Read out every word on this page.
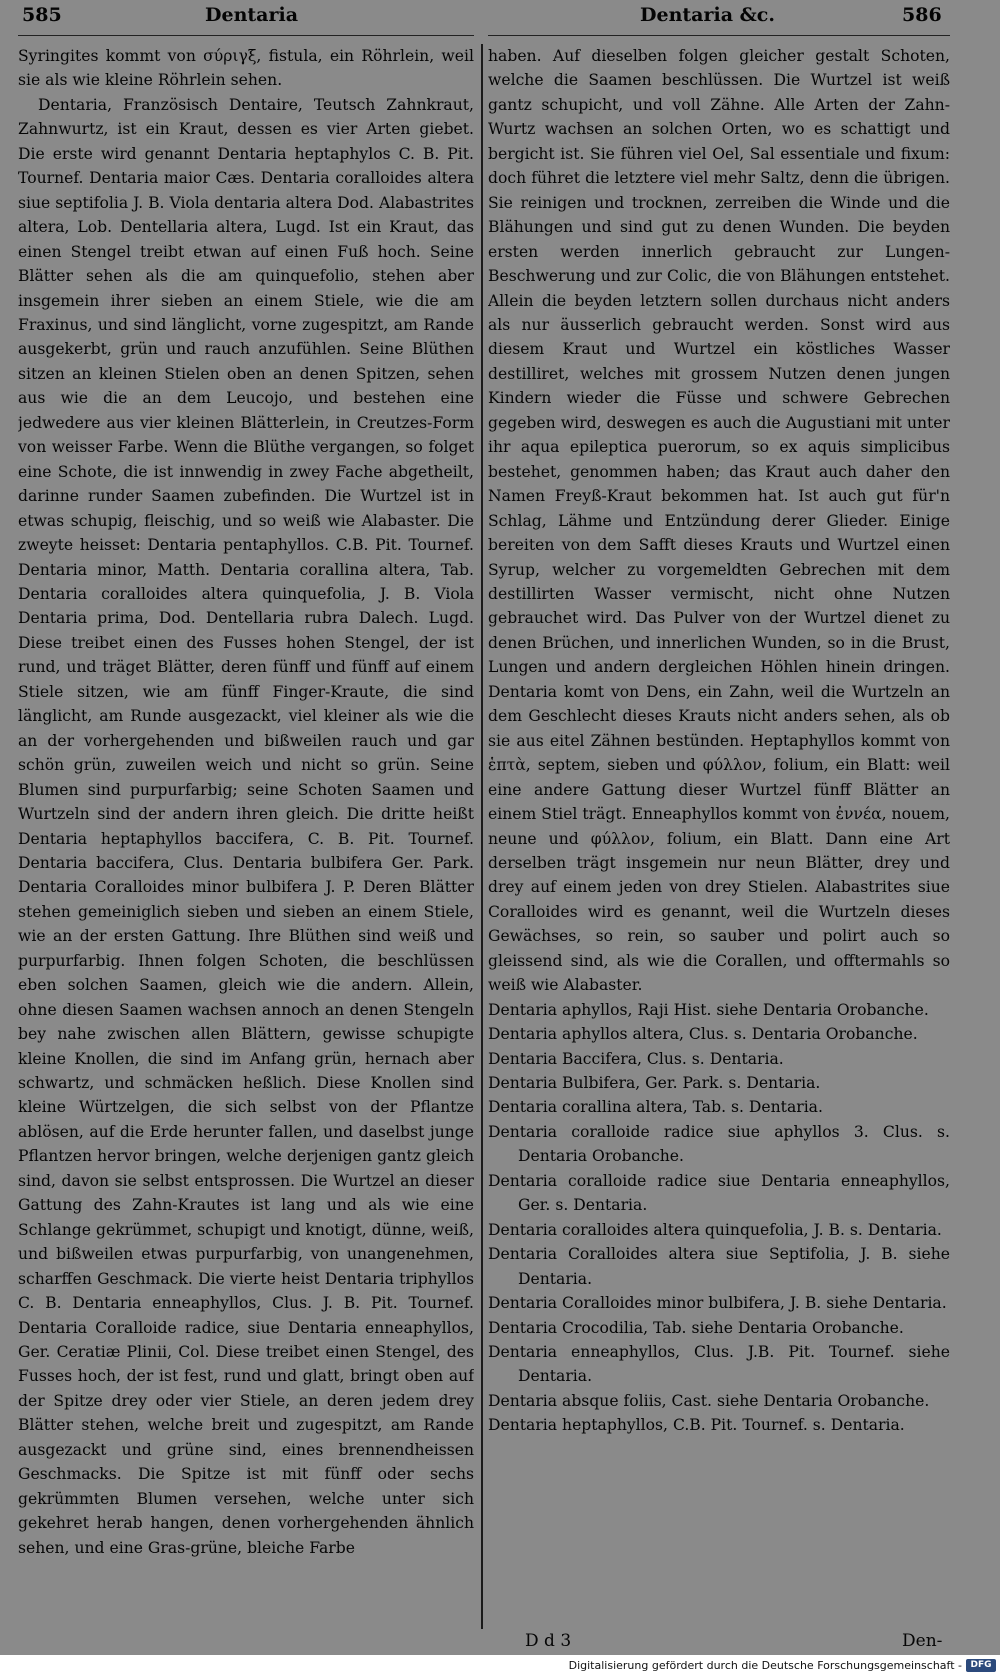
585	Dentaria	Dentaria &c.	586

Syringites kommt von σύριγξ, fistula, ein Röhrlein, weil sie als wie kleine Röhrlein sehen.

Dentaria, Französisch Dentaire, Teutsch Zahnkraut, Zahnwurtz, ist ein Kraut, dessen es vier Arten giebet. Die erste wird genannt Dentaria heptaphylos C. B. Pit. Tournef. Dentaria maior Cæs. Dentaria coralloides altera siue septifolia J. B. Viola dentaria altera Dod. Alabastrites altera, Lob. Dentellaria altera, Lugd. Ist ein Kraut, das einen Stengel treibt etwan auf einen Fuß hoch. Seine Blätter sehen als die am quinquefolio, stehen aber insgemein ihrer sieben an einem Stiele, wie die am Fraxinus, und sind länglicht, vorne zugespitzt, am Rande ausgekerbt, grün und rauch anzufühlen. Seine Blüthen sitzen an kleinen Stielen oben an denen Spitzen, sehen aus wie die an dem Leucojo, und bestehen eine jedwedere aus vier kleinen Blätterlein, in Creutzes-Form von weisser Farbe. Wenn die Blüthe vergangen, so folget eine Schote, die ist innwendig in zwey Fache abgetheilt, darinne runder Saamen zubefinden. Die Wurtzel ist in etwas schupig, fleischig, und so weiß wie Alabaster. Die zweyte heisset: Dentaria pentaphyllos. C.B. Pit. Tournef. Dentaria minor, Matth. Dentaria corallina altera, Tab. Dentaria coralloides altera quinquefolia, J. B. Viola Dentaria prima, Dod. Dentellaria rubra Dalech. Lugd. Diese treibet einen des Fusses hohen Stengel, der ist rund, und träget Blätter, deren fünff und fünff auf einem Stiele sitzen, wie am fünff Finger-Kraute, die sind länglicht, am Runde ausgezackt, viel kleiner als wie die an der vorhergehenden und bißweilen rauch und gar schön grün, zuweilen weich und nicht so grün. Seine Blumen sind purpurfarbig; seine Schoten Saamen und Wurtzeln sind der andern ihren gleich. Die dritte heißt Dentaria heptaphyllos baccifera, C. B. Pit. Tournef. Dentaria baccifera, Clus. Dentaria bulbifera Ger. Park. Dentaria Coralloides minor bulbifera J. P. Deren Blätter stehen gemeiniglich sieben und sieben an einem Stiele, wie an der ersten Gattung. Ihre Blüthen sind weiß und purpurfarbig. Ihnen folgen Schoten, die beschlüssen eben solchen Saamen, gleich wie die andern. Allein, ohne diesen Saamen wachsen annoch an denen Stengeln bey nahe zwischen allen Blättern, gewisse schupigte kleine Knollen, die sind im Anfang grün, hernach aber schwartz, und schmäcken heßlich. Diese Knollen sind kleine Würtzelgen, die sich selbst von der Pflantze ablösen, auf die Erde herunter fallen, und daselbst junge Pflantzen hervor bringen, welche derjenigen gantz gleich sind, davon sie selbst entsprossen. Die Wurtzel an dieser Gattung des Zahn-Krautes ist lang und als wie eine Schlange gekrümmet, schupigt und knotigt, dünne, weiß, und bißweilen etwas purpurfarbig, von unangenehmen, scharffen Geschmack. Die vierte heist Dentaria triphyllos C. B. Dentaria enneaphyllos, Clus. J. B. Pit. Tournef. Dentaria Coralloide radice, siue Dentaria enneaphyllos, Ger. Ceratiæ Plinii, Col. Diese treibet einen Stengel, des Fusses hoch, der ist fest, rund und glatt, bringt oben auf der Spitze drey oder vier Stiele, an deren jedem drey Blätter stehen, welche breit und zugespitzt, am Rande ausgezackt und grüne sind, eines brennendheissen Geschmacks. Die Spitze ist mit fünff oder sechs gekrümmten Blumen versehen, welche unter sich gekehret herab hangen, denen vorhergehenden ähnlich sehen, und eine Gras-grüne, bleiche Farbe

haben. Auf dieselben folgen gleicher gestalt Schoten, welche die Saamen beschlüssen. Die Wurtzel ist weiß gantz schupicht, und voll Zähne. Alle Arten der Zahn-Wurtz wachsen an solchen Orten, wo es schattigt und bergicht ist. Sie führen viel Oel, Sal essentiale und fixum: doch führet die letztere viel mehr Saltz, denn die übrigen. Sie reinigen und trocknen, zerreiben die Winde und die Blähungen und sind gut zu denen Wunden. Die beyden ersten werden innerlich gebraucht zur Lungen-Beschwerung und zur Colic, die von Blähungen entstehet. Allein die beyden letztern sollen durchaus nicht anders als nur äusserlich gebraucht werden. Sonst wird aus diesem Kraut und Wurtzel ein köstliches Wasser destilliret, welches mit grossem Nutzen denen jungen Kindern wieder die Füsse und schwere Gebrechen gegeben wird, deswegen es auch die Augustiani mit unter ihr aqua epileptica puerorum, so ex aquis simplicibus bestehet, genommen haben; das Kraut auch daher den Namen Freyß-Kraut bekommen hat. Ist auch gut für'n Schlag, Lähme und Entzündung derer Glieder. Einige bereiten von dem Safft dieses Krauts und Wurtzel einen Syrup, welcher zu vorgemeldten Gebrechen mit dem destillirten Wasser vermischt, nicht ohne Nutzen gebrauchet wird. Das Pulver von der Wurtzel dienet zu denen Brüchen, und innerlichen Wunden, so in die Brust, Lungen und andern dergleichen Höhlen hinein dringen. Dentaria komt von Dens, ein Zahn, weil die Wurtzeln an dem Geschlecht dieses Krauts nicht anders sehen, als ob sie aus eitel Zähnen bestünden. Heptaphyllos kommt von ἑπτὰ, septem, sieben und φύλλον, folium, ein Blatt: weil eine andere Gattung dieser Wurtzel fünff Blätter an einem Stiel trägt. Enneaphyllos kommt von ἐννέα, nouem, neune und φύλλον, folium, ein Blatt. Dann eine Art derselben trägt insgemein nur neun Blätter, drey und drey auf einem jeden von drey Stielen. Alabastrites siue Coralloides wird es genannt, weil die Wurtzeln dieses Gewächses, so rein, so sauber und polirt auch so gleissend sind, als wie die Corallen, und offtermahls so weiß wie Alabaster.

Dentaria aphyllos, Raji Hist. siehe Dentaria Orobanche.

Dentaria aphyllos altera, Clus. s. Dentaria Orobanche.

Dentaria Baccifera, Clus. s. Dentaria.

Dentaria Bulbifera, Ger. Park. s. Dentaria.

Dentaria corallina altera, Tab. s. Dentaria.

Dentaria coralloide radice siue aphyllos 3. Clus. s. Dentaria Orobanche.

Dentaria coralloide radice siue Dentaria enneaphyllos, Ger. s. Dentaria.

Dentaria coralloides altera quinquefolia, J. B. s. Dentaria.

Dentaria Coralloides altera siue Septifolia, J. B. siehe Dentaria.

Dentaria Coralloides minor bulbifera, J. B. siehe Dentaria.

Dentaria Crocodilia, Tab. siehe Dentaria Orobanche.

Dentaria enneaphyllos, Clus. J.B. Pit. Tournef. siehe Dentaria.

Dentaria absque foliis, Cast. siehe Dentaria Orobanche.

Dentaria heptaphyllos, C.B. Pit. Tournef. s. Dentaria.

D d 3	Den-
Digitalisierung gefördert durch die Deutsche Forschungsgemeinschaft - DFG
